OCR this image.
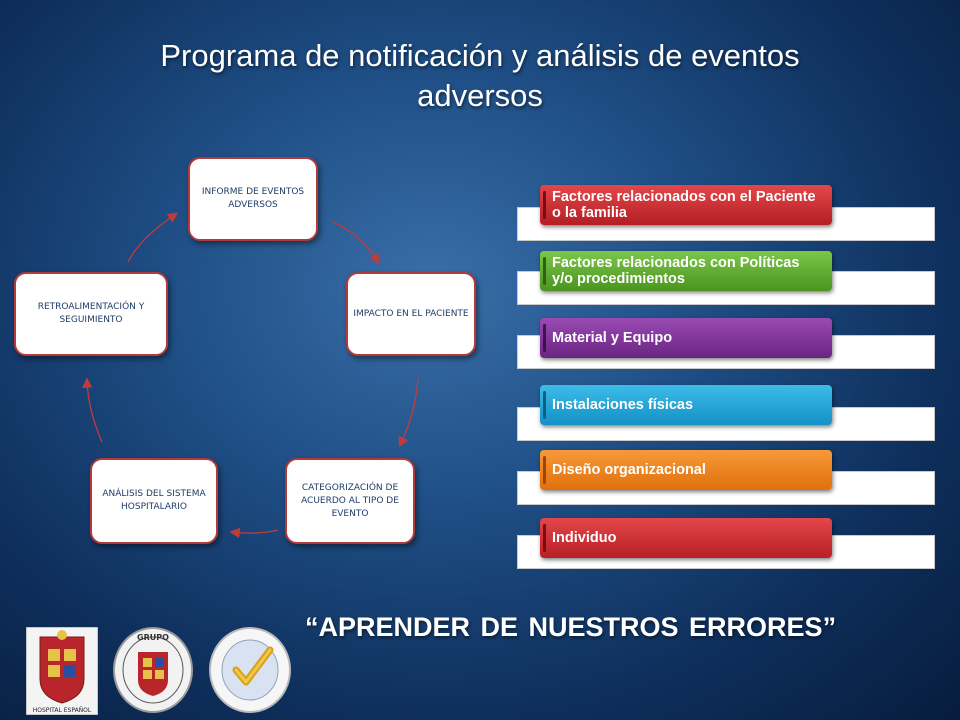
Programa de notificación y análisis de eventos adversos
INFORME DE EVENTOS ADVERSOS
IMPACTO EN EL PACIENTE
CATEGORIZACIÓN DE ACUERDO AL TIPO DE EVENTO
ANÁLISIS DEL SISTEMA HOSPITALARIO
RETROALIMENTACIÓN Y SEGUIMIENTO
Factores relacionados con el Paciente o la familia
Factores relacionados con Políticas y/o procedimientos
Material y Equipo
Instalaciones físicas
Diseño organizacional
Individuo
“APRENDER DE NUESTROS ERRORES”
HOSPITAL ESPAÑOL
GRUPO
